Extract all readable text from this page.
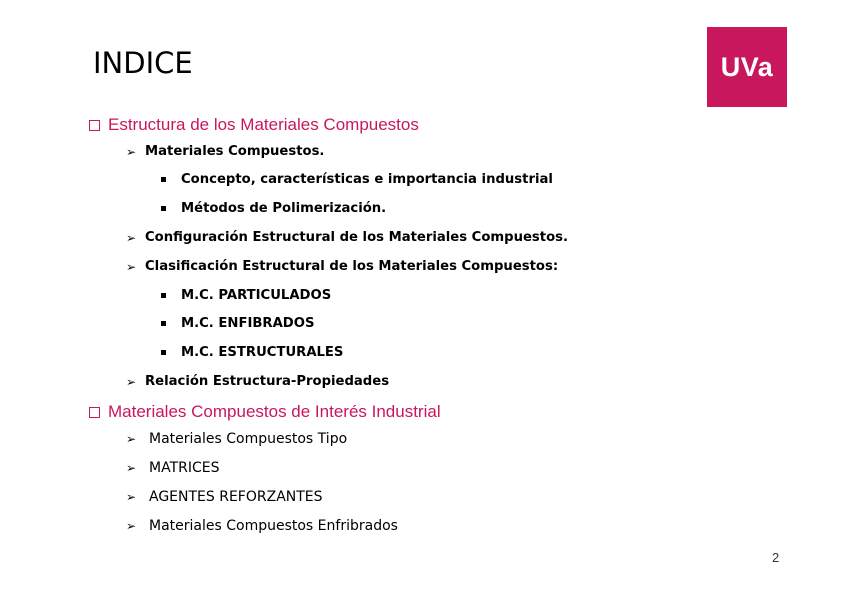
INDICE	UVa
Estructura de los Materiales Compuestos
➢ Materiales Compuestos.
Concepto, características e importancia industrial
Métodos de Polimerización.
➢ Configuración Estructural de los Materiales Compuestos.
➢ Clasificación Estructural de los Materiales Compuestos:
M.C. PARTICULADOS
M.C. ENFIBRADOS
M.C. ESTRUCTURALES
➢ Relación Estructura-Propiedades
Materiales Compuestos de Interés Industrial
➢ Materiales Compuestos Tipo
➢ MATRICES
➢ AGENTES REFORZANTES
➢ Materiales Compuestos Enfribrados
2
